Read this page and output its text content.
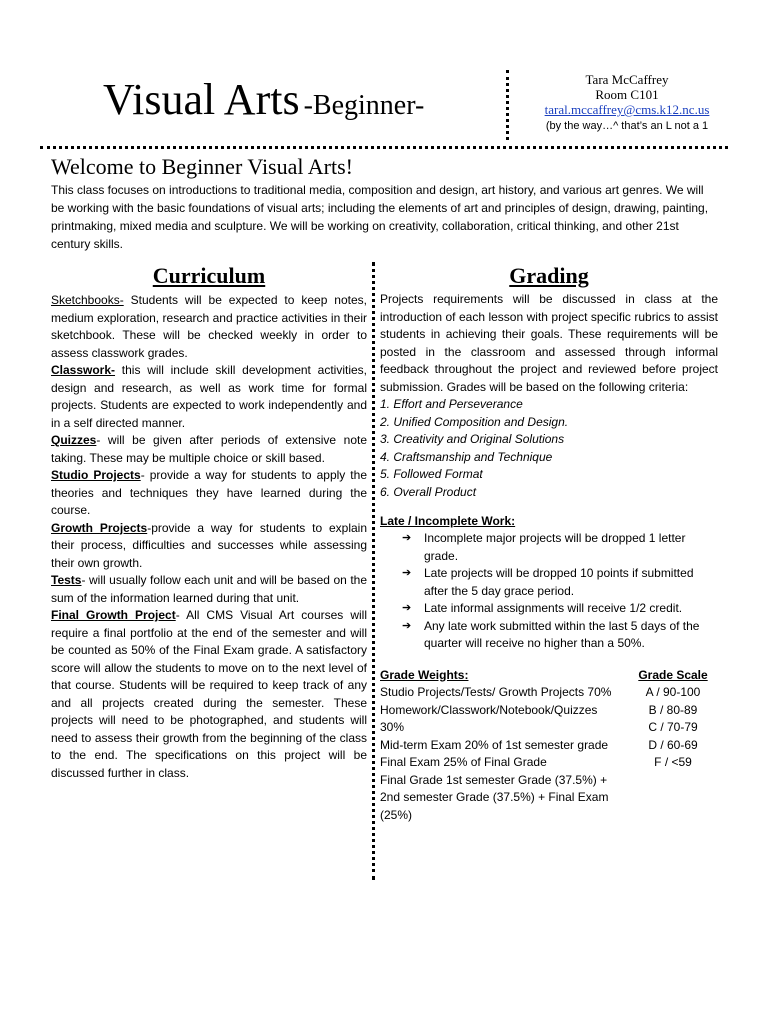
Visual Arts -Beginner-
Tara McCaffrey
Room C101
taral.mccaffrey@cms.k12.nc.us
(by the way…^ that’s an L not a 1
Welcome to Beginner Visual Arts!

This class focuses on introductions to traditional media, composition and design, art history, and various art genres. We will be working with the basic foundations of visual arts; including the elements of art and principles of design, drawing, painting, printmaking, mixed media and sculpture. We will be working on creativity, collaboration, critical thinking, and other 21st century skills.

Curriculum

Sketchbooks- Students will be expected to keep notes, medium exploration, research and practice activities in their sketchbook. These will be checked weekly in order to assess classwork grades.

Classwork- this will include skill development activities, design and research, as well as work time for formal projects. Students are expected to work independently and in a self directed manner.

Quizzes- will be given after periods of extensive note taking. These may be multiple choice or skill based.

Studio Projects- provide a way for students to apply the theories and techniques they have learned during the course.

Growth Projects-provide a way for students to explain their process, difficulties and successes while assessing their own growth.

Tests- will usually follow each unit and will be based on the sum of the information learned during that unit.

Final Growth Project- All CMS Visual Art courses will require a final portfolio at the end of the semester and will be counted as 50% of the Final Exam grade. A satisfactory score will allow the students to move on to the next level of that course. Students will be required to keep track of any and all projects created during the semester. These projects will need to be photographed, and students will need to assess their growth from the beginning of the class to the end. The specifications on this project will be discussed further in class.

Grading

Projects requirements will be discussed in class at the introduction of each lesson with project specific rubrics to assist students in achieving their goals. These requirements will be posted in the classroom and assessed through informal feedback throughout the project and reviewed before project submission. Grades will be based on the following criteria:

1. Effort and Perseverance
2. Unified Composition and Design.
3. Creativity and Original Solutions
4. Craftsmanship and Technique
5. Followed Format
6. Overall Product
Late / Incomplete Work:
➔ Incomplete major projects will be dropped 1 letter grade.
➔ Late projects will be dropped 10 points if submitted after the 5 day grace period.
➔ Late informal assignments will receive 1/2 credit.
➔ Any late work submitted within the last 5 days of the quarter will receive no higher than a 50%.
Grade Weights:
Studio Projects/Tests/ Growth Projects 70%
Homework/Classwork/Notebook/Quizzes 30%
Mid-term Exam 20% of 1st semester grade
Final Exam 25% of Final Grade
Final Grade 1st semester Grade (37.5%) + 2nd semester Grade (37.5%) + Final Exam (25%)
Grade Scale
A / 90-100
B / 80-89
C / 70-79
D / 60-69
F / <59
